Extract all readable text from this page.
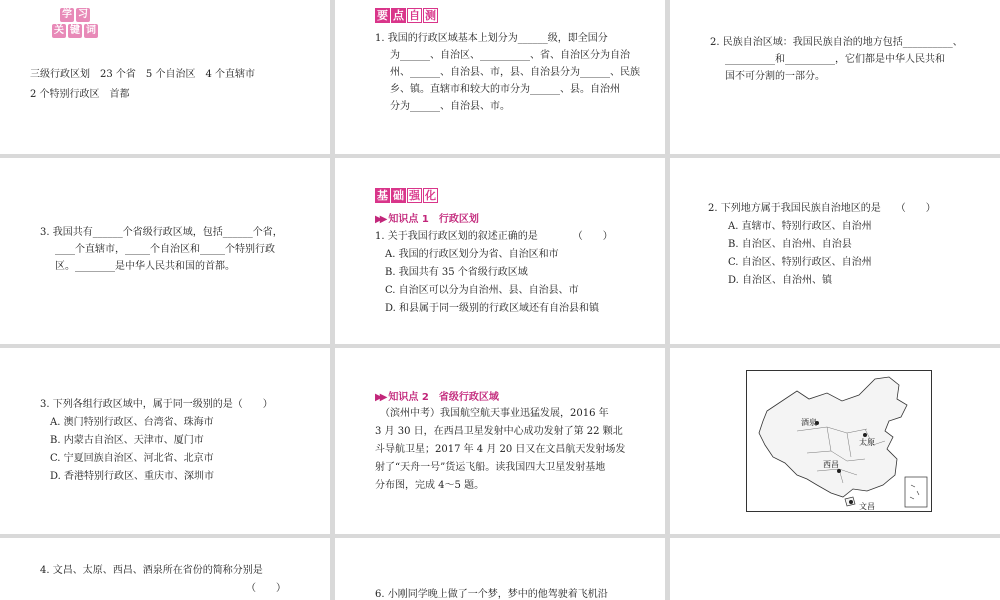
学 习
关 键 词
三级行政区划　23 个省　5 个自治区　4 个直辖市
2 个特别行政区　首都
要 点 自 测
1. 我国的行政区域基本上划分为______级，即全国分
为______、自治区、__________、省、自治区分为自治
州、______、自治县、市，县、自治县分为______、民族
乡、镇。直辖市和较大的市分为______、县。自治州
分为______、自治县、市。
2. 民族自治区域：我国民族自治的地方包括__________、
__________和__________，它们都是中华人民共和
国不可分割的一部分。
3. 我国共有______个省级行政区域，包括______个省，
____个直辖市，_____个自治区和_____个特别行政
区。________是中华人民共和国的首都。
基 础 强 化
▶▶ 知识点 1　行政区划
1. 关于我国行政区划的叙述正确的是　　　　（　　）
A. 我国的行政区划分为省、自治区和市
B. 我国共有 35 个省级行政区域
C. 自治区可以分为自治州、县、自治县、市
D. 和县属于同一级别的行政区域还有自治县和镇
2. 下列地方属于我国民族自治地区的是　　（　　）
A. 直辖市、特别行政区、自治州
B. 自治区、自治州、自治县
C. 自治区、特别行政区、自治州
D. 自治区、自治州、镇
3. 下列各组行政区域中，属于同一级别的是（　　）
A. 澳门特别行政区、台湾省、珠海市
B. 内蒙古自治区、天津市、厦门市
C. 宁夏回族自治区、河北省、北京市
D. 香港特别行政区、重庆市、深圳市
▶▶ 知识点 2　省级行政区域
　（滨州中考）我国航空航天事业迅猛发展，2016 年
3 月 30 日，在西昌卫星发射中心成功发射了第 22 颗北
斗导航卫星；2017 年 4 月 20 日又在文昌航天发射场发
射了“天舟一号”货运飞船。读我国四大卫星发射基地
分布图，完成 4～5 题。
酒泉
太原
西昌
文昌
4. 文昌、太原、西昌、酒泉所在省份的简称分别是
（　　）
6. 小刚同学晚上做了一个梦，梦中的他驾驶着飞机沿
